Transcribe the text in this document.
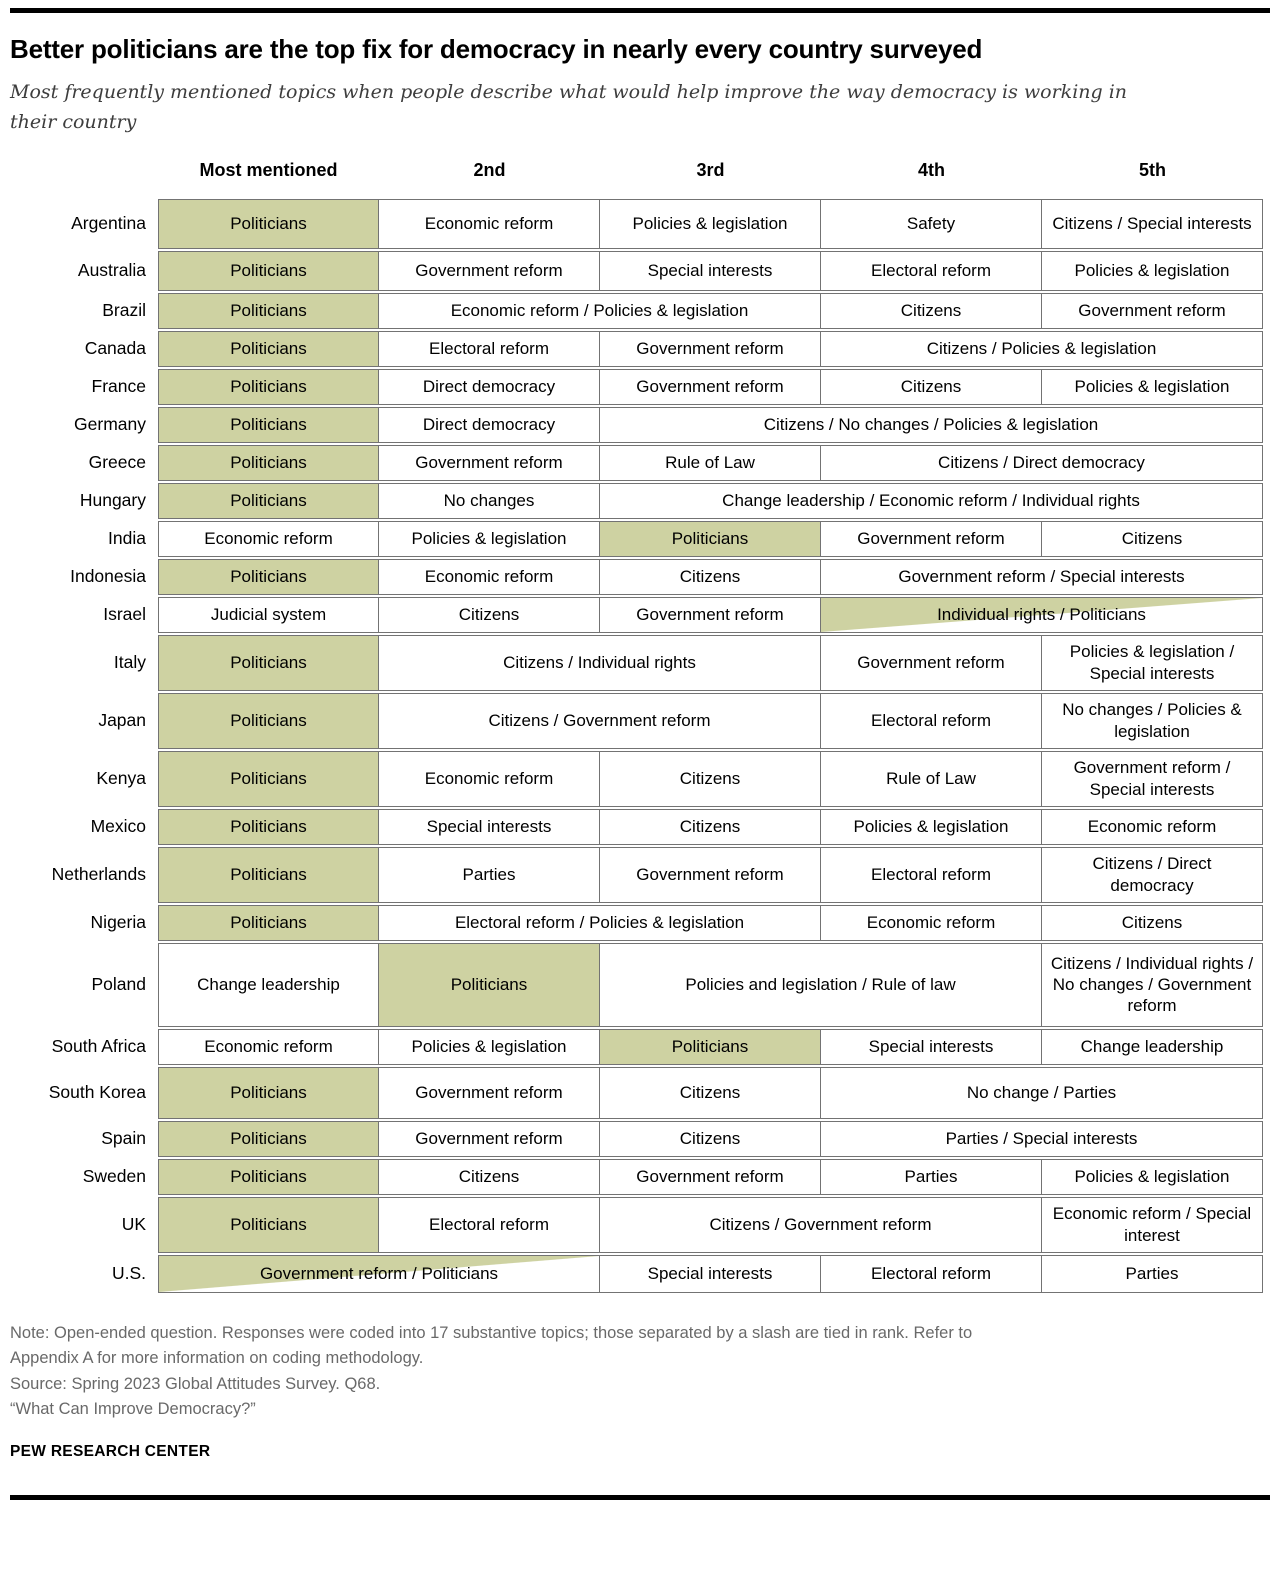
Better politicians are the top fix for democracy in nearly every country surveyed
Most frequently mentioned topics when people describe what would help improve the way democracy is working in
their country
	Most mentioned	2nd	3rd	4th	5th
Argentina	Politicians	Economic reform	Policies & legislation	Safety	Citizens / Special interests
Australia	Politicians	Government reform	Special interests	Electoral reform	Policies & legislation
Brazil	Politicians	Economic reform / Policies & legislation		Citizens	Government reform
Canada	Politicians	Electoral reform	Government reform	Citizens / Policies & legislation	
France	Politicians	Direct democracy	Government reform	Citizens	Policies & legislation
Germany	Politicians	Direct democracy	Citizens / No changes / Policies & legislation		
Greece	Politicians	Government reform	Rule of Law	Citizens / Direct democracy	
Hungary	Politicians	No changes	Change leadership / Economic reform / Individual rights		
India	Economic reform	Policies & legislation	Politicians	Government reform	Citizens
Indonesia	Politicians	Economic reform	Citizens	Government reform / Special interests	
Israel	Judicial system	Citizens	Government reform	Individual rights / Politicians	
Italy	Politicians	Citizens / Individual rights		Government reform	Policies & legislation / Special interests
Japan	Politicians	Citizens / Government reform		Electoral reform	No changes / Policies & legislation
Kenya	Politicians	Economic reform	Citizens	Rule of Law	Government reform / Special interests
Mexico	Politicians	Special interests	Citizens	Policies & legislation	Economic reform
Netherlands	Politicians	Parties	Government reform	Electoral reform	Citizens / Direct democracy
Nigeria	Politicians	Electoral reform / Policies & legislation		Economic reform	Citizens
Poland	Change leadership	Politicians	Policies and legislation / Rule of law		Citizens / Individual rights / No changes / Government reform
South Africa	Economic reform	Policies & legislation	Politicians	Special interests	Change leadership
South Korea	Politicians	Government reform	Citizens	No change / Parties	
Spain	Politicians	Government reform	Citizens	Parties / Special interests	
Sweden	Politicians	Citizens	Government reform	Parties	Policies & legislation
UK	Politicians	Electoral reform	Citizens / Government reform		Economic reform / Special interest
U.S.	Government reform / Politicians		Special interests	Electoral reform	Parties

Note: Open-ended question. Responses were coded into 17 substantive topics; those separated by a slash are tied in rank. Refer to

Appendix A for more information on coding methodology.

Source: Spring 2023 Global Attitudes Survey. Q68.

“What Can Improve Democracy?”

PEW RESEARCH CENTER
